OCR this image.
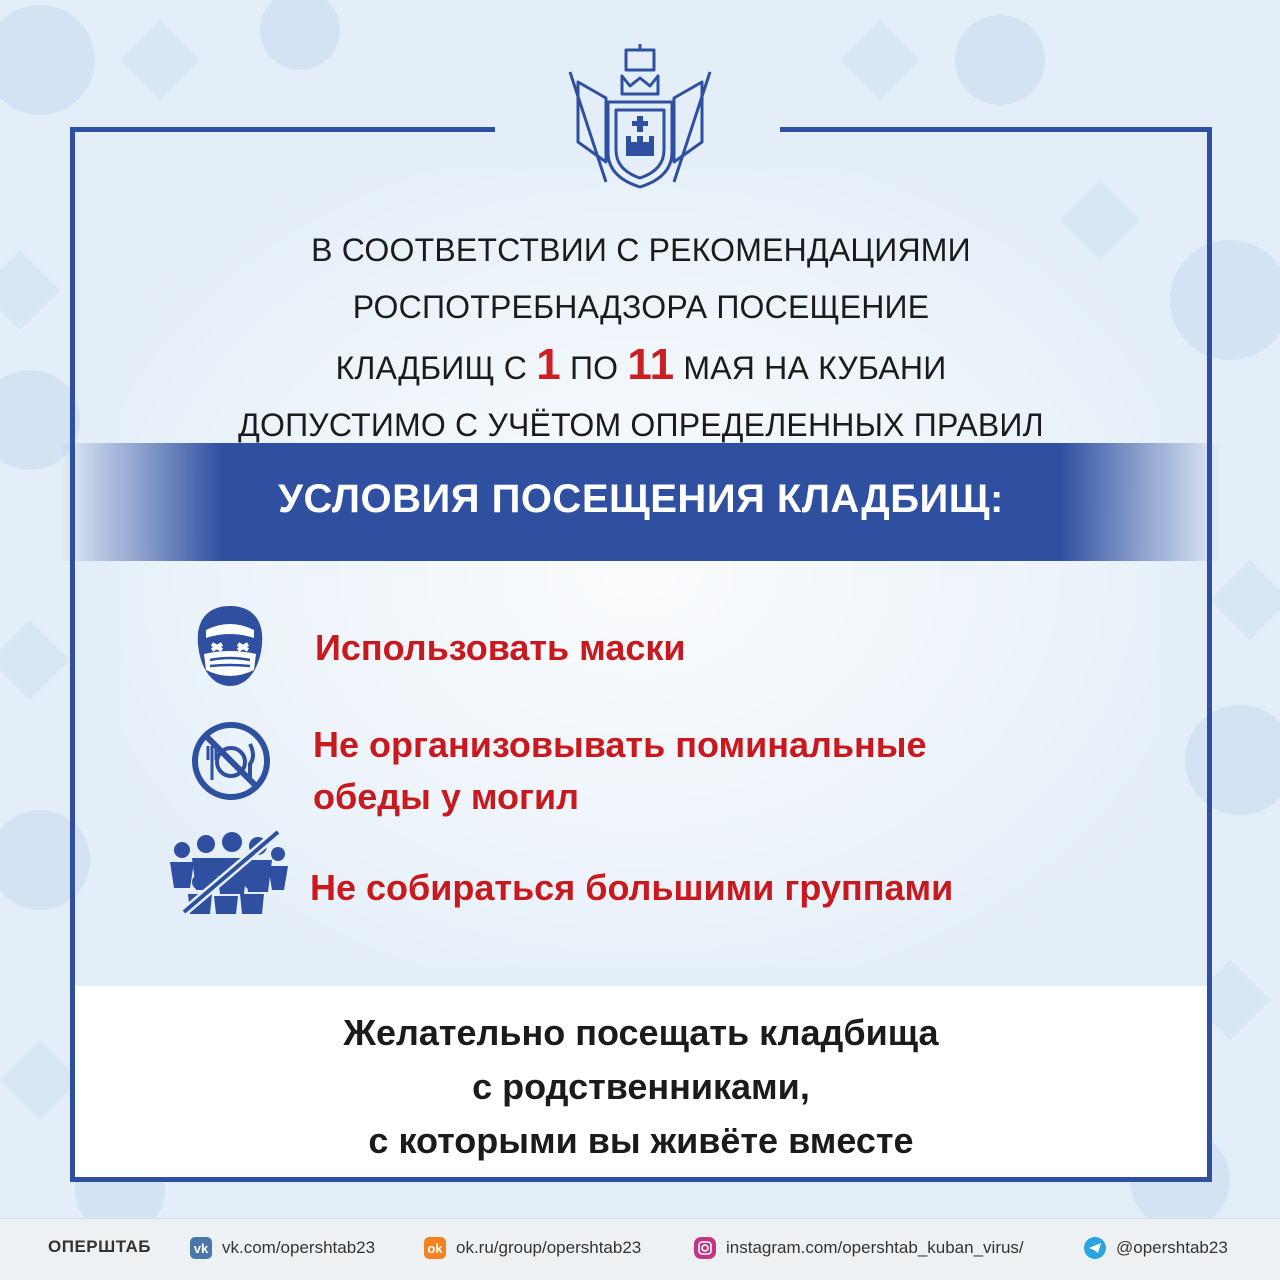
В СООТВЕТСТВИИ С РЕКОМЕНДАЦИЯМИ
РОСПОТРЕБНАДЗОРА ПОСЕЩЕНИЕ
КЛАДБИЩ С 1 ПО 11 МАЯ НА КУБАНИ
ДОПУСТИМО С УЧЁТОМ ОПРЕДЕЛЕННЫХ ПРАВИЛ
УСЛОВИЯ ПОСЕЩЕНИЯ КЛАДБИЩ:
Использовать маски
Не организовывать поминальные
обеды у могил
Не собираться большими группами
Желательно посещать кладбища
с родственниками,
с которыми вы живёте вместе
ОПЕРШТАБ	vk vk.com/opershtab23	ok ok.ru/group/opershtab23	instagram.com/opershtab_kuban_virus/	@opershtab23
